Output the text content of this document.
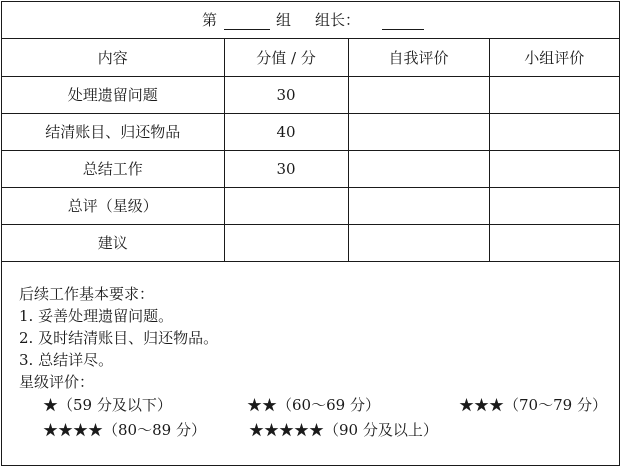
第	组 组长：
内容	分值 / 分	自我评价	小组评价
处理遗留问题	30		
结清账目、归还物品	40		
总结工作	30		
总评（星级）			
建议			
后续工作基本要求：
1. 妥善处理遗留问题。
2. 及时结清账目、归还物品。
3. 总结详尽。
星级评价：
★（59 分及以下）	★★（60～69 分）	★★★（70～79 分）
★★★★（80～89 分）	★★★★★（90 分及以上）
